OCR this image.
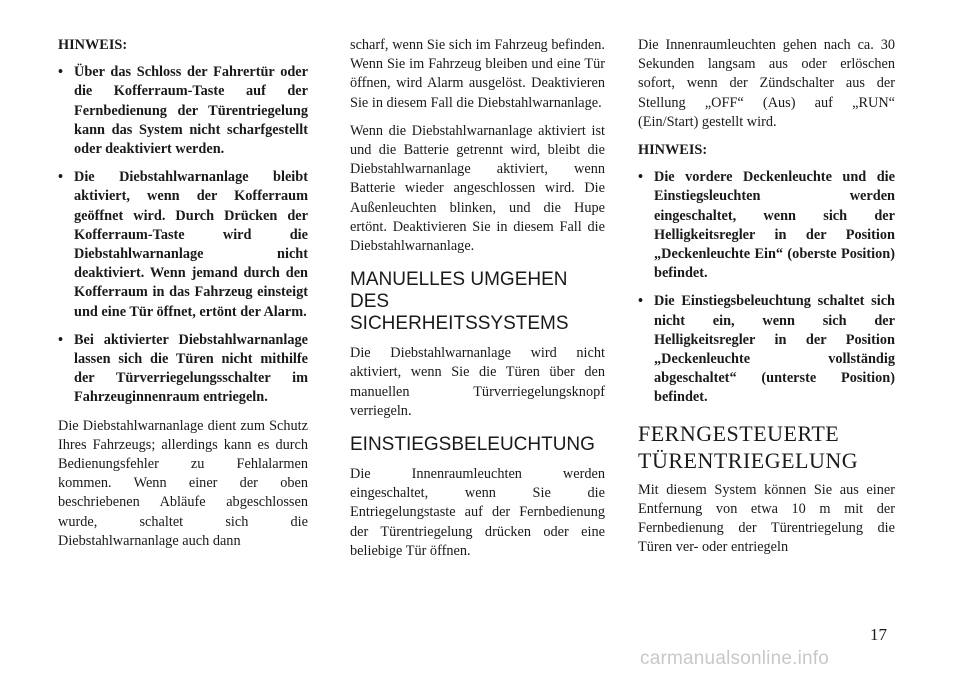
HINWEIS:
• Über das Schloss der Fahrertür oder die Kofferraum-Taste auf der Fernbedienung der Türentriegelung kann das System nicht scharfgestellt oder deaktiviert werden.
• Die Diebstahlwarnanlage bleibt aktiviert, wenn der Kofferraum geöffnet wird. Durch Drücken der Kofferraum-Taste wird die Diebstahlwarnanlage nicht deaktiviert. Wenn jemand durch den Kofferraum in das Fahrzeug einsteigt und eine Tür öffnet, ertönt der Alarm.
• Bei aktivierter Diebstahlwarnanlage lassen sich die Türen nicht mithilfe der Türverriegelungsschalter im Fahrzeuginnenraum entriegeln.

Die Diebstahlwarnanlage dient zum Schutz Ihres Fahrzeugs; allerdings kann es durch Bedienungsfehler zu Fehlalarmen kommen. Wenn einer der oben beschriebenen Abläufe abgeschlossen wurde, schaltet sich die Diebstahlwarnanlage auch dann

scharf, wenn Sie sich im Fahrzeug befinden. Wenn Sie im Fahrzeug bleiben und eine Tür öffnen, wird Alarm ausgelöst. Deaktivieren Sie in diesem Fall die Diebstahlwarnanlage.

Wenn die Diebstahlwarnanlage aktiviert ist und die Batterie getrennt wird, bleibt die Diebstahlwarnanlage aktiviert, wenn Batterie wieder angeschlossen wird. Die Außenleuchten blinken, und die Hupe ertönt. Deaktivieren Sie in diesem Fall die Diebstahlwarnanlage.

MANUELLES UMGEHEN DES SICHERHEITSSYSTEMS

Die Diebstahlwarnanlage wird nicht aktiviert, wenn Sie die Türen über den manuellen Türverriegelungsknopf verriegeln.

EINSTIEGSBELEUCHTUNG

Die Innenraumleuchten werden eingeschaltet, wenn Sie die Entriegelungstaste auf der Fernbedienung der Türentriegelung drücken oder eine beliebige Tür öffnen.

Die Innenraumleuchten gehen nach ca. 30 Sekunden langsam aus oder erlöschen sofort, wenn der Zündschalter aus der Stellung „OFF“ (Aus) auf „RUN“ (Ein/Start) gestellt wird.

HINWEIS:
• Die vordere Deckenleuchte und die Einstiegsleuchten werden eingeschaltet, wenn sich der Helligkeitsregler in der Position „Deckenleuchte Ein“ (oberste Position) befindet.
• Die Einstiegsbeleuchtung schaltet sich nicht ein, wenn sich der Helligkeitsregler in der Position „Deckenleuchte vollständig abgeschaltet“ (unterste Position) befindet.
FERNGESTEUERTE TÜRENTRIEGELUNG

Mit diesem System können Sie aus einer Entfernung von etwa 10 m mit der Fernbedienung der Türentriegelung die Türen ver- oder entriegeln

17
carmanualsonline.info
